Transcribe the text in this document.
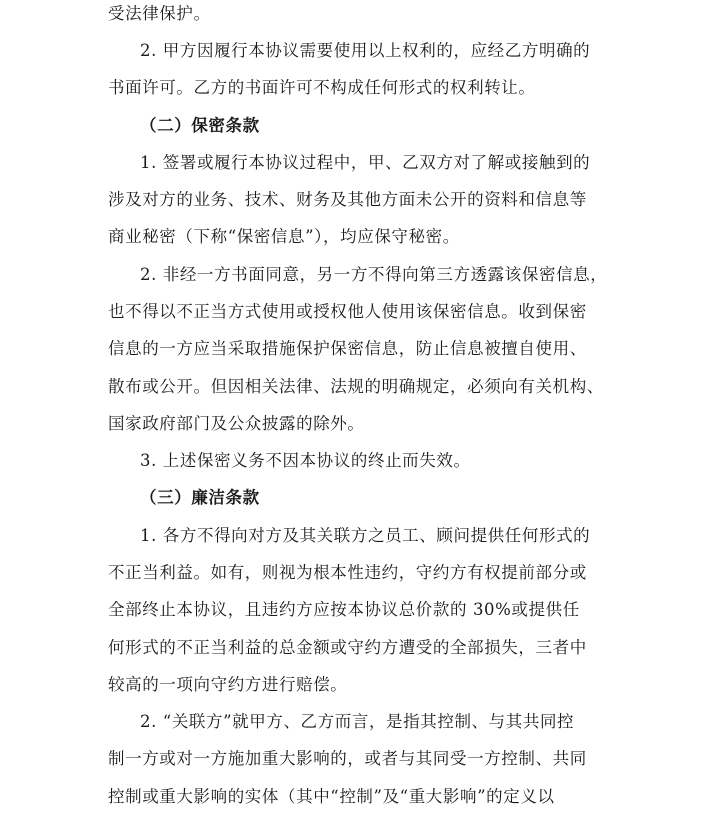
受法律保护。
2. 甲方因履行本协议需要使用以上权利的，应经乙方明确的
书面许可。乙方的书面许可不构成任何形式的权利转让。
（二）保密条款
1. 签署或履行本协议过程中，甲、乙双方对了解或接触到的
涉及对方的业务、技术、财务及其他方面未公开的资料和信息等
商业秘密（下称“保密信息”），均应保守秘密。
2. 非经一方书面同意，另一方不得向第三方透露该保密信息，
也不得以不正当方式使用或授权他人使用该保密信息。收到保密
信息的一方应当采取措施保护保密信息，防止信息被擅自使用、
散布或公开。但因相关法律、法规的明确规定，必须向有关机构、
国家政府部门及公众披露的除外。
3. 上述保密义务不因本协议的终止而失效。
（三）廉洁条款
1. 各方不得向对方及其关联方之员工、顾问提供任何形式的
不正当利益。如有，则视为根本性违约，守约方有权提前部分或
全部终止本协议，且违约方应按本协议总价款的 30%或提供任
何形式的不正当利益的总金额或守约方遭受的全部损失，三者中
较高的一项向守约方进行赔偿。
2. “关联方”就甲方、乙方而言，是指其控制、与其共同控
制一方或对一方施加重大影响的，或者与其同受一方控制、共同
控制或重大影响的实体（其中“控制”及“重大影响”的定义以
